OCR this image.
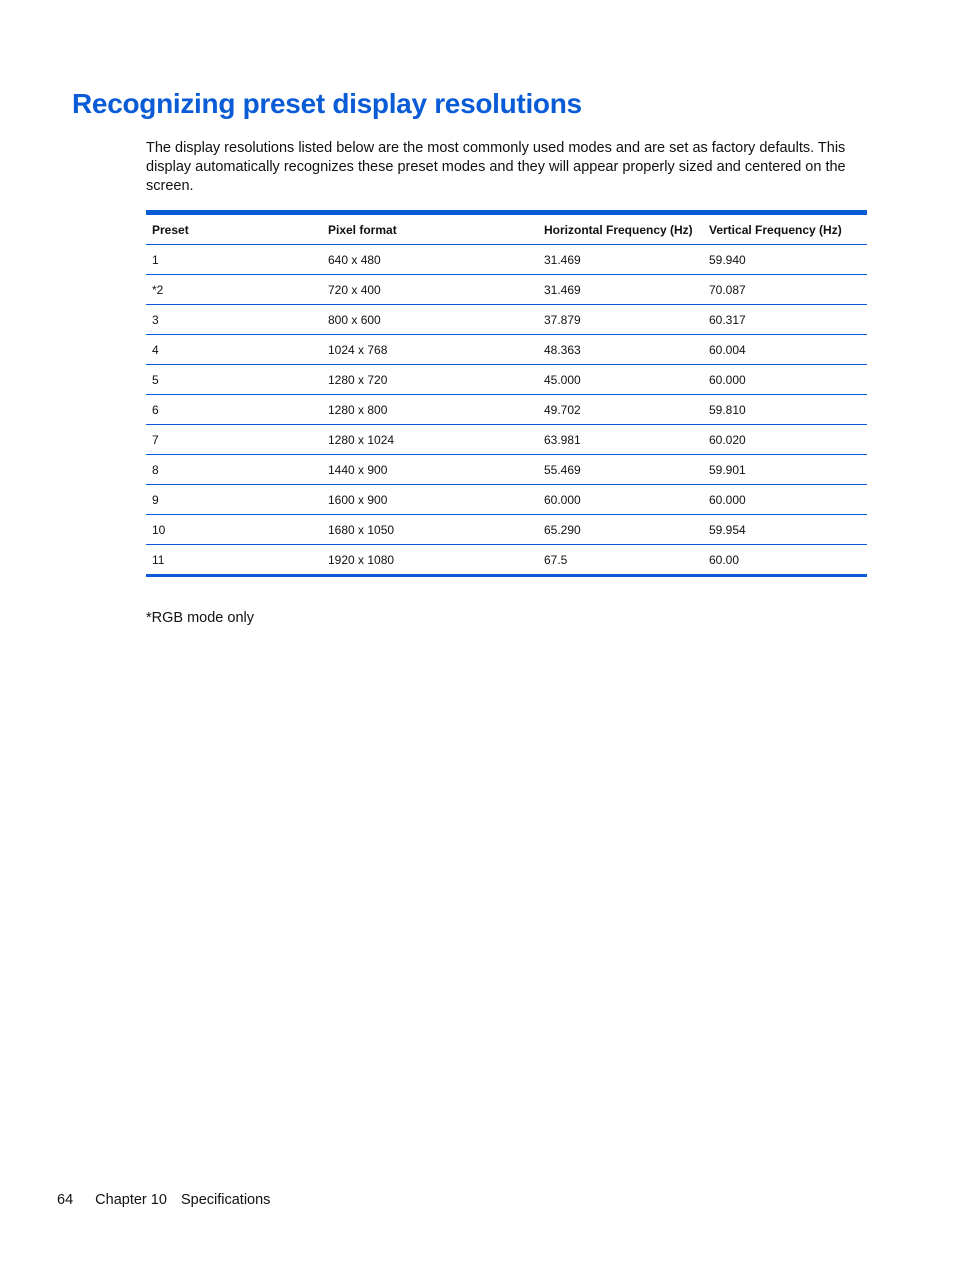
Recognizing preset display resolutions

The display resolutions listed below are the most commonly used modes and are set as factory defaults. This display automatically recognizes these preset modes and they will appear properly sized and centered on the screen.

Preset	Pixel format	Horizontal Frequency (Hz)	Vertical Frequency (Hz)
1	640 x 480	31.469	59.940
*2	720 x 400	31.469	70.087
3	800 x 600	37.879	60.317
4	1024 x 768	48.363	60.004
5	1280 x 720	45.000	60.000
6	1280 x 800	49.702	59.810
7	1280 x 1024	63.981	60.020
8	1440 x 900	55.469	59.901
9	1600 x 900	60.000	60.000
10	1680 x 1050	65.290	59.954
11	1920 x 1080	67.5	60.00

*RGB mode only

64 Chapter 10 Specifications
